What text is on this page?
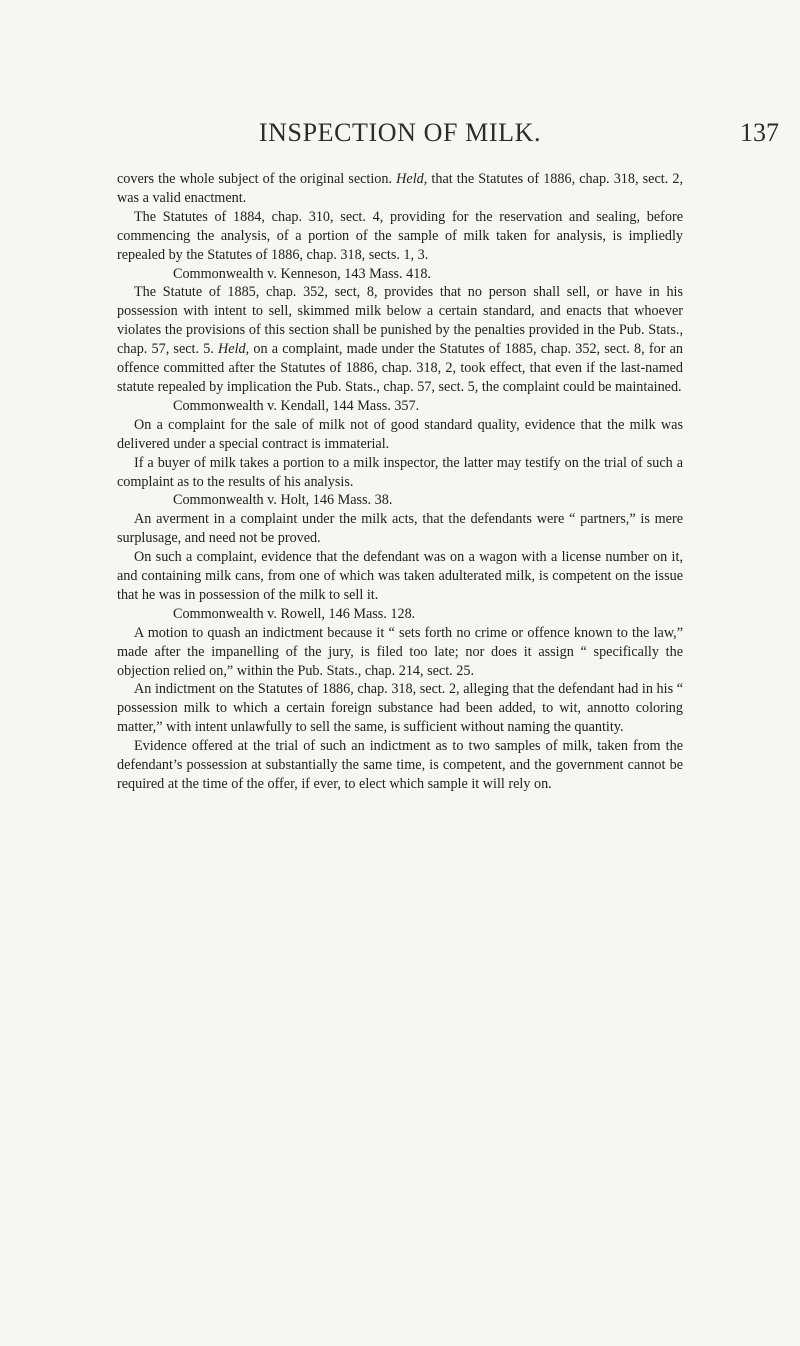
INSPECTION OF MILK.	137

covers the whole subject of the original section. Held, that the Statutes of 1886, chap. 318, sect. 2, was a valid enactment.

The Statutes of 1884, chap. 310, sect. 4, providing for the reservation and sealing, before commencing the analysis, of a portion of the sample of milk taken for analysis, is impliedly repealed by the Statutes of 1886, chap. 318, sects. 1, 3.

Commonwealth v. Kenneson, 143 Mass. 418.

The Statute of 1885, chap. 352, sect, 8, provides that no person shall sell, or have in his possession with intent to sell, skimmed milk below a certain standard, and enacts that whoever violates the provisions of this section shall be punished by the penalties provided in the Pub. Stats., chap. 57, sect. 5. Held, on a complaint, made under the Statutes of 1885, chap. 352, sect. 8, for an offence committed after the Statutes of 1886, chap. 318, 2, took effect, that even if the last-named statute repealed by implication the Pub. Stats., chap. 57, sect. 5, the complaint could be maintained.

Commonwealth v. Kendall, 144 Mass. 357.

On a complaint for the sale of milk not of good standard quality, evidence that the milk was delivered under a special contract is immaterial.

If a buyer of milk takes a portion to a milk inspector, the latter may testify on the trial of such a complaint as to the results of his analysis.

Commonwealth v. Holt, 146 Mass. 38.

An averment in a complaint under the milk acts, that the defendants were “ partners,” is mere surplusage, and need not be proved.

On such a complaint, evidence that the defendant was on a wagon with a license number on it, and containing milk cans, from one of which was taken adulterated milk, is competent on the issue that he was in possession of the milk to sell it.

Commonwealth v. Rowell, 146 Mass. 128.

A motion to quash an indictment because it “ sets forth no crime or offence known to the law,” made after the impanelling of the jury, is filed too late; nor does it assign “ specifically the objection relied on,” within the Pub. Stats., chap. 214, sect. 25.

An indictment on the Statutes of 1886, chap. 318, sect. 2, alleging that the defendant had in his “ possession milk to which a certain foreign substance had been added, to wit, annotto coloring matter,” with intent unlawfully to sell the same, is sufficient without naming the quantity.

Evidence offered at the trial of such an indictment as to two samples of milk, taken from the defendant’s possession at substantially the same time, is competent, and the government cannot be required at the time of the offer, if ever, to elect which sample it will rely on.
